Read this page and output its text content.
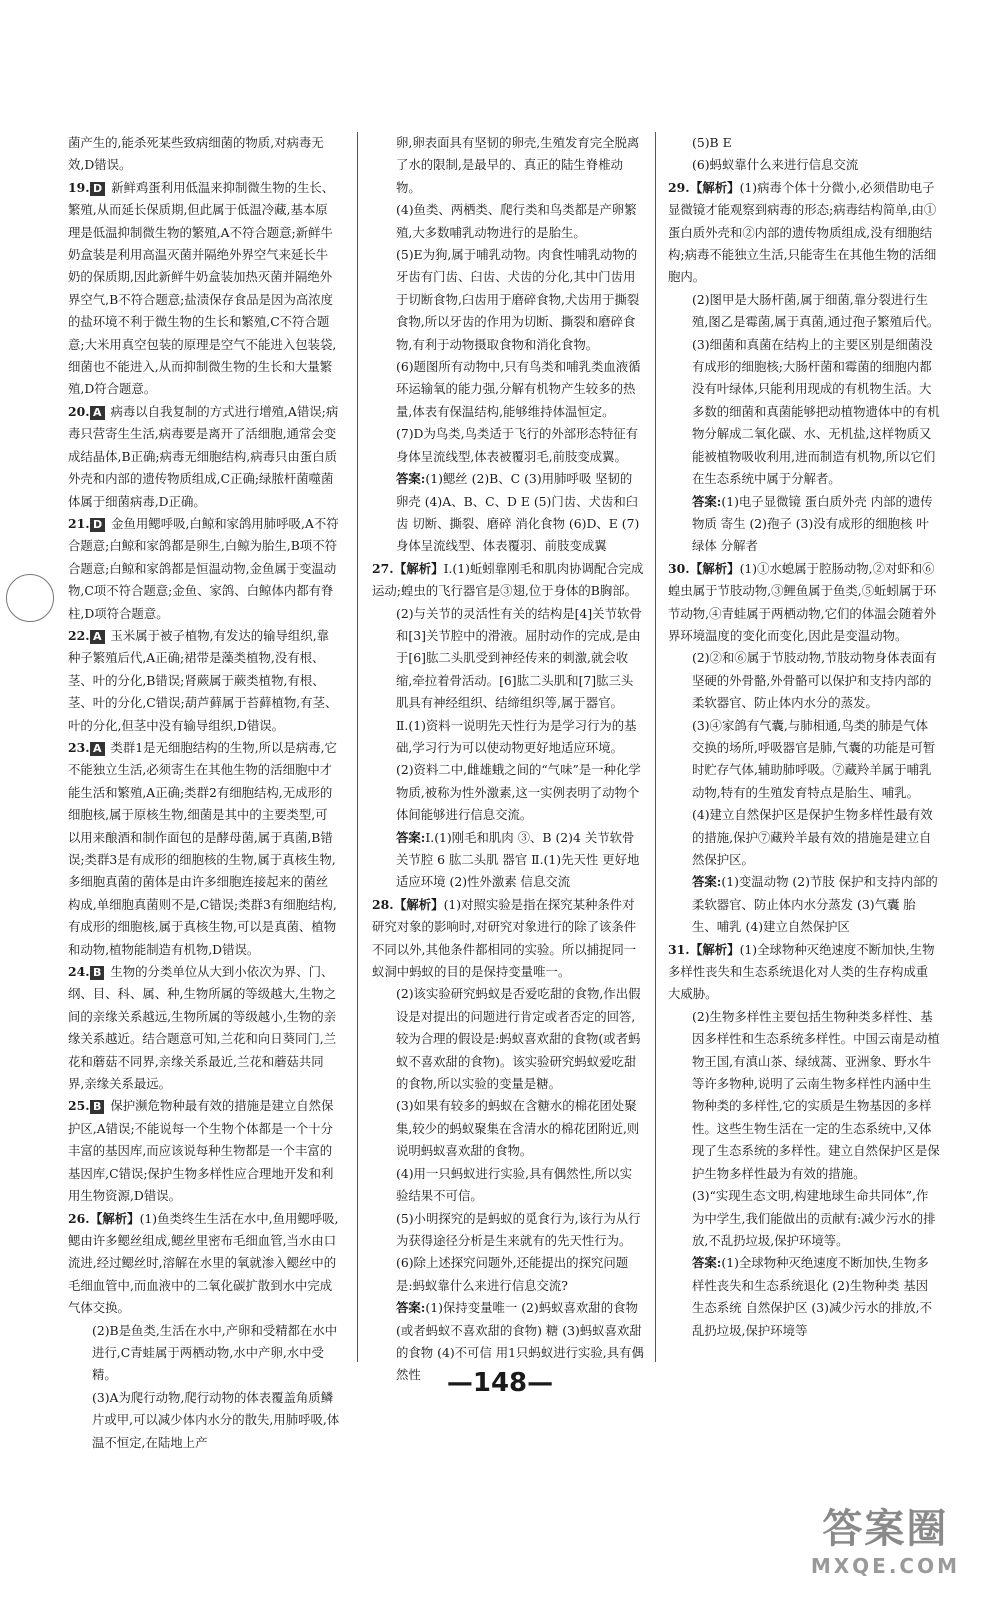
菌产生的,能杀死某些致病细菌的物质,对病毒无效,D错误。
19. D 新鲜鸡蛋利用低温来抑制微生物的生长、繁殖,从而延长保质期,但此属于低温冷藏,基本原理是低温抑制微生物的繁殖,A不符合题意;新鲜牛奶盒装是利用高温灭菌并隔绝外界空气来延长牛奶的保质期,因此新鲜牛奶盒装加热灭菌并隔绝外界空气,B不符合题意;盐渍保存食品是因为高浓度的盐环境不利于微生物的生长和繁殖,C不符合题意;大米用真空包装的原理是空气不能进入包装袋,细菌也不能进入,从而抑制微生物的生长和大量繁殖,D符合题意。
20. A 病毒以自我复制的方式进行增殖,A错误;病毒只营寄生生活,病毒要是离开了活细胞,通常会变成结晶体,B正确;病毒无细胞结构,病毒只由蛋白质外壳和内部的遗传物质组成,C正确;绿脓杆菌噬菌体属于细菌病毒,D正确。
21. D 金鱼用鳃呼吸,白鲸和家鸽用肺呼吸,A不符合题意;白鲸和家鸽都是卵生,白鲸为胎生,B项不符合题意;白鲸和家鸽都是恒温动物,金鱼属于变温动物,C项不符合题意;金鱼、家鸽、白鲸体内都有脊柱,D项符合题意。
22. A 玉米属于被子植物,有发达的输导组织,靠种子繁殖后代,A正确;裙带是藻类植物,没有根、茎、叶的分化,B错误;肾蕨属于蕨类植物,有根、茎、叶的分化,C错误;葫芦藓属于苔藓植物,有茎、叶的分化,但茎中没有输导组织,D错误。
23. A 类群1是无细胞结构的生物,所以是病毒,它不能独立生活,必须寄生在其他生物的活细胞中才能生活和繁殖,A正确;类群2有细胞结构,无成形的细胞核,属于原核生物,细菌是其中的主要类型,可以用来酿酒和制作面包的是酵母菌,属于真菌,B错误;类群3是有成形的细胞核的生物,属于真核生物,多细胞真菌的菌体是由许多细胞连接起来的菌丝构成,单细胞真菌则不是,C错误;类群3有细胞结构,有成形的细胞核,属于真核生物,可以是真菌、植物和动物,植物能制造有机物,D错误。
24. B 生物的分类单位从大到小依次为界、门、纲、目、科、属、种,生物所属的等级越大,生物之间的亲缘关系越远,生物所属的等级越小,生物的亲缘关系越近。结合题意可知,兰花和向日葵同门,兰花和蘑菇不同界,亲缘关系最近,兰花和蘑菇共同界,亲缘关系最远。
25. B 保护濒危物种最有效的措施是建立自然保护区,A错误;不能说每一个生物个体都是一个十分丰富的基因库,而应该说每种生物都是一个丰富的基因库,C错误;保护生物多样性应合理地开发和利用生物资源,D错误。
26.【解析】(1)鱼类终生生活在水中,鱼用鳃呼吸,鳃由许多鳃丝组成,鳃丝里密布毛细血管,当水由口流进,经过鳃丝时,溶解在水里的氧就渗入鳃丝中的毛细血管中,而血液中的二氧化碳扩散到水中完成气体交换。
(2)B是鱼类,生活在水中,产卵和受精都在水中进行,C青蛙属于两栖动物,水中产卵,水中受精。
(3)A为爬行动物,爬行动物的体表覆盖角质鳞片或甲,可以减少体内水分的散失,用肺呼吸,体温不恒定,在陆地上产
卵,卵表面具有坚韧的卵壳,生殖发育完全脱离了水的限制,是最早的、真正的陆生脊椎动物。
(4)鱼类、两栖类、爬行类和鸟类都是产卵繁殖,大多数哺乳动物进行的是胎生。
(5)E为狗,属于哺乳动物。肉食性哺乳动物的牙齿有门齿、臼齿、犬齿的分化,其中门齿用于切断食物,臼齿用于磨碎食物,犬齿用于撕裂食物,所以牙齿的作用为切断、撕裂和磨碎食物,有利于动物摄取食物和消化食物。
(6)题图所有动物中,只有鸟类和哺乳类血液循环运输氧的能力强,分解有机物产生较多的热量,体表有保温结构,能够维持体温恒定。
(7)D为鸟类,鸟类适于飞行的外部形态特征有身体呈流线型,体表被覆羽毛,前肢变成翼。
答案:(1)鳃丝 (2)B、C (3)用肺呼吸 坚韧的卵壳 (4)A、B、C、D E (5)门齿、犬齿和臼齿 切断、撕裂、磨碎 消化食物 (6)D、E (7)身体呈流线型、体表覆羽、前肢变成翼
27.【解析】Ⅰ.(1)蚯蚓靠刚毛和肌肉协调配合完成运动;蝗虫的飞行器官是③翅,位于身体的B胸部。
(2)与关节的灵活性有关的结构是[4]关节软骨和[3]关节腔中的滑液。屈肘动作的完成,是由于[6]肱二头肌受到神经传来的刺激,就会收缩,牵拉着骨活动。[6]肱二头肌和[7]肱三头肌具有神经组织、结缔组织等,属于器官。
Ⅱ.(1)资料一说明先天性行为是学习行为的基础,学习行为可以使动物更好地适应环境。
(2)资料二中,雌雄蛾之间的“气味”是一种化学物质,被称为性外激素,这一实例表明了动物个体间能够进行信息交流。
答案:Ⅰ.(1)刚毛和肌肉 ③、B (2)4 关节软骨 关节腔 6 肱二头肌 器官 Ⅱ.(1)先天性 更好地适应环境 (2)性外激素 信息交流
28.【解析】(1)对照实验是指在探究某种条件对研究对象的影响时,对研究对象进行的除了该条件不同以外,其他条件都相同的实验。所以捕捉同一蚁洞中蚂蚁的目的是保持变量唯一。
(2)该实验研究蚂蚁是否爱吃甜的食物,作出假设是对提出的问题进行肯定或者否定的回答,较为合理的假设是:蚂蚁喜欢甜的食物(或者蚂蚁不喜欢甜的食物)。该实验研究蚂蚁爱吃甜的食物,所以实验的变量是糖。
(3)如果有较多的蚂蚁在含糖水的棉花团处聚集,较少的蚂蚁聚集在含清水的棉花团附近,则说明蚂蚁喜欢甜的食物。
(4)用一只蚂蚁进行实验,具有偶然性,所以实验结果不可信。
(5)小明探究的是蚂蚁的觅食行为,该行为从行为获得途径分析是生来就有的先天性行为。
(6)除上述探究问题外,还能提出的探究问题是:蚂蚁靠什么来进行信息交流?
答案:(1)保持变量唯一 (2)蚂蚁喜欢甜的食物(或者蚂蚁不喜欢甜的食物) 糖 (3)蚂蚁喜欢甜的食物 (4)不可信 用1只蚂蚁进行实验,具有偶然性
(5)B E
(6)蚂蚁靠什么来进行信息交流
29.【解析】(1)病毒个体十分微小,必须借助电子显微镜才能观察到病毒的形态;病毒结构简单,由①蛋白质外壳和②内部的遗传物质组成,没有细胞结构;病毒不能独立生活,只能寄生在其他生物的活细胞内。
(2)图甲是大肠杆菌,属于细菌,靠分裂进行生殖,图乙是霉菌,属于真菌,通过孢子繁殖后代。
(3)细菌和真菌在结构上的主要区别是细菌没有成形的细胞核;大肠杆菌和霉菌的细胞内都没有叶绿体,只能利用现成的有机物生活。大多数的细菌和真菌能够把动植物遗体中的有机物分解成二氧化碳、水、无机盐,这样物质又能被植物吸收利用,进而制造有机物,所以它们在生态系统中属于分解者。
答案:(1)电子显微镜 蛋白质外壳 内部的遗传物质 寄生 (2)孢子 (3)没有成形的细胞核 叶绿体 分解者
30.【解析】(1)①水螅属于腔肠动物,②对虾和⑥蝗虫属于节肢动物,③鲤鱼属于鱼类,⑤蚯蚓属于环节动物,④青蛙属于两栖动物,它们的体温会随着外界环境温度的变化而变化,因此是变温动物。
(2)②和⑥属于节肢动物,节肢动物身体表面有坚硬的外骨骼,外骨骼可以保护和支持内部的柔软器官、防止体内水分的蒸发。
(3)④家鸽有气囊,与肺相通,鸟类的肺是气体交换的场所,呼吸器官是肺,气囊的功能是可暂时贮存气体,辅助肺呼吸。⑦藏羚羊属于哺乳动物,特有的生殖发育特点是胎生、哺乳。
(4)建立自然保护区是保护生物多样性最有效的措施,保护⑦藏羚羊最有效的措施是建立自然保护区。
答案:(1)变温动物 (2)节肢 保护和支持内部的柔软器官、防止体内水分蒸发 (3)气囊 胎生、哺乳 (4)建立自然保护区
31.【解析】(1)全球物种灭绝速度不断加快,生物多样性丧失和生态系统退化对人类的生存构成重大威胁。
(2)生物多样性主要包括生物种类多样性、基因多样性和生态系统多样性。中国云南是动植物王国,有滇山茶、绿绒蒿、亚洲象、野水牛等许多物种,说明了云南生物多样性内涵中生物种类的多样性,它的实质是生物基因的多样性。这些生物生活在一定的生态系统中,又体现了生态系统的多样性。建立自然保护区是保护生物多样性最为有效的措施。
(3)“实现生态文明,构建地球生命共同体”,作为中学生,我们能做出的贡献有:减少污水的排放,不乱扔垃圾,保护环境等。
答案:(1)全球物种灭绝速度不断加快,生物多样性丧失和生态系统退化 (2)生物种类 基因 生态系统 自然保护区 (3)减少污水的排放,不乱扔垃圾,保护环境等
—148—
答案圈
MXQE.COM
